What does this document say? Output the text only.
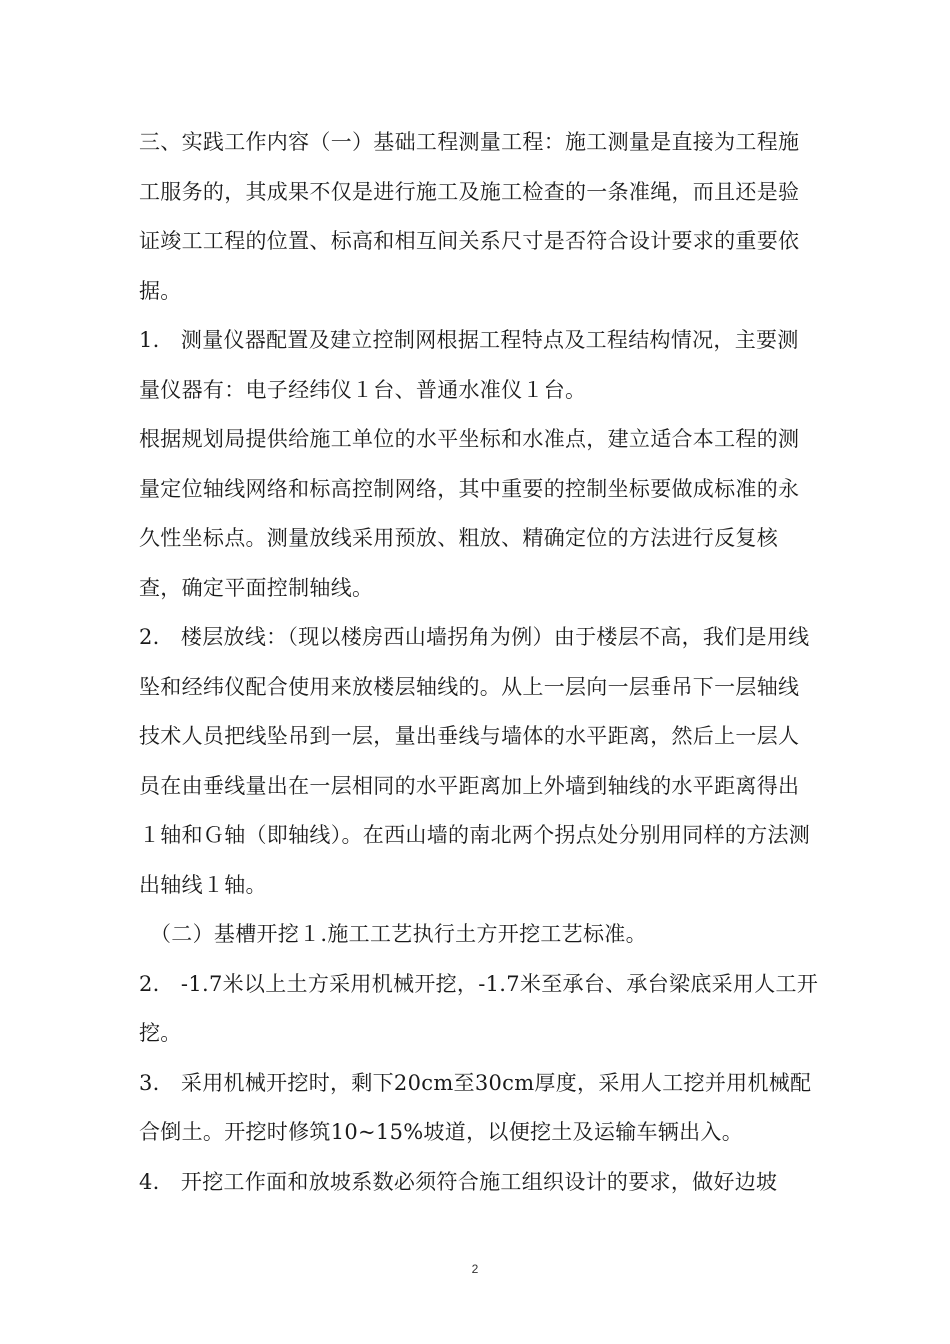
三、实践工作内容（一）基础工程测量工程：施工测量是直接为工程施工服务的，其成果不仅是进行施工及施工检查的一条准绳，而且还是验证竣工工程的位置、标高和相互间关系尺寸是否符合设计要求的重要依据。

1.　测量仪器配置及建立控制网根据工程特点及工程结构情况，主要测量仪器有：电子经纬仪１台、普通水准仪１台。

根据规划局提供给施工单位的水平坐标和水准点，建立适合本工程的测量定位轴线网络和标高控制网络，其中重要的控制坐标要做成标准的永久性坐标点。测量放线采用预放、粗放、精确定位的方法进行反复核查，确定平面控制轴线。

2.　楼层放线：（现以楼房西山墙拐角为例）由于楼层不高，我们是用线坠和经纬仪配合使用来放楼层轴线的。从上一层向一层垂吊下一层轴线技术人员把线坠吊到一层，量出垂线与墙体的水平距离，然后上一层人员在由垂线量出在一层相同的水平距离加上外墙到轴线的水平距离得出１轴和Ｇ轴（即轴线）。在西山墙的南北两个拐点处分别用同样的方法测出轴线１轴。

（二）基槽开挖１.施工工艺执行土方开挖工艺标准。

2.　-1.7米以上土方采用机械开挖，-1.7米至承台、承台梁底采用人工开挖。

3.　采用机械开挖时，剩下20cm至30cm厚度，采用人工挖并用机械配合倒土。开挖时修筑10~15%坡道，以便挖土及运输车辆出入。

4.　开挖工作面和放坡系数必须符合施工组织设计的要求，做好边坡

2
